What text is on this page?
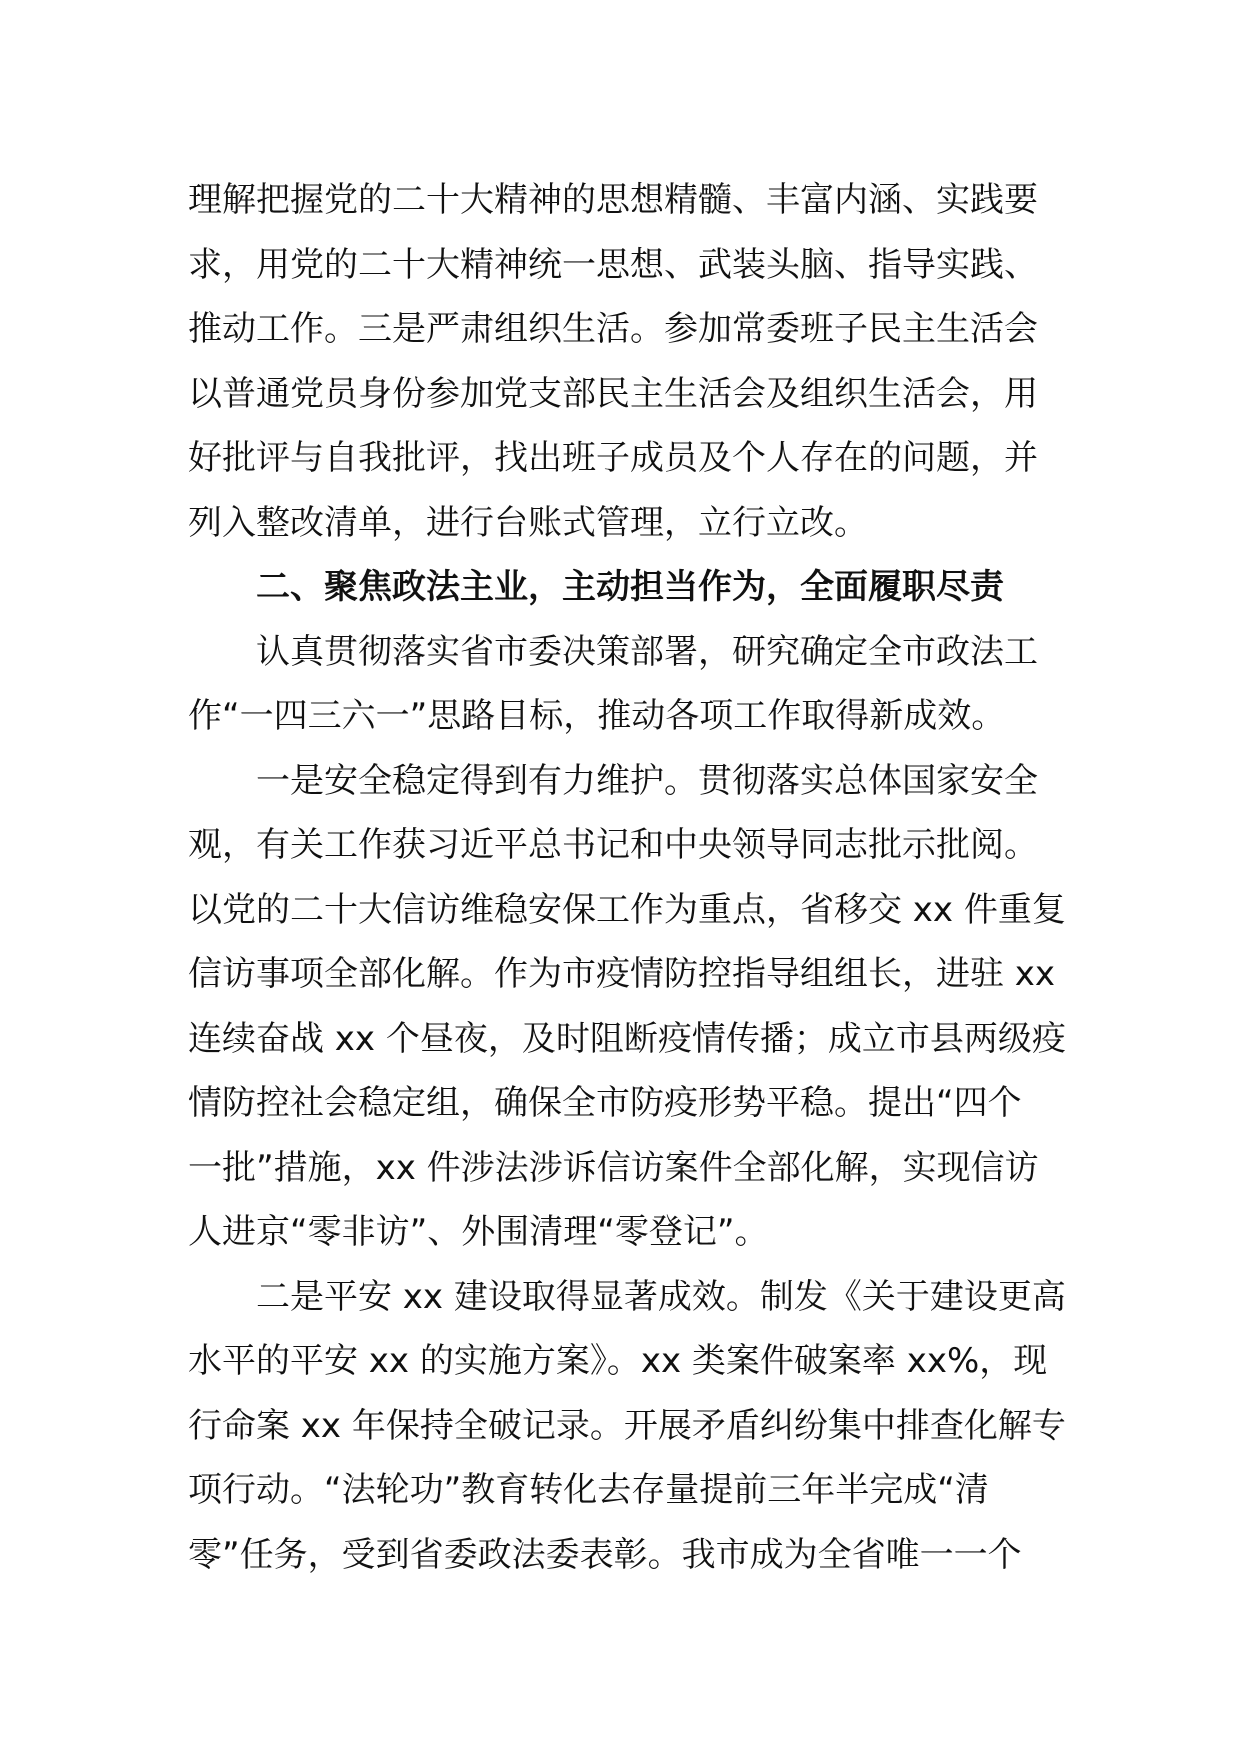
理解把握党的二十大精神的思想精髓、丰富内涵、实践要
求，用党的二十大精神统一思想、武装头脑、指导实践、
推动工作。三是严肃组织生活。参加常委班子民主生活会
以普通党员身份参加党支部民主生活会及组织生活会，用
好批评与自我批评，找出班子成员及个人存在的问题，并
列入整改清单，进行台账式管理，立行立改。
二、聚焦政法主业，主动担当作为，全面履职尽责
认真贯彻落实省市委决策部署，研究确定全市政法工
作“一四三六一”思路目标，推动各项工作取得新成效。
一是安全稳定得到有力维护。贯彻落实总体国家安全
观，有关工作获习近平总书记和中央领导同志批示批阅。
以党的二十大信访维稳安保工作为重点，省移交 xx 件重复
信访事项全部化解。作为市疫情防控指导组组长，进驻 xx
连续奋战 xx 个昼夜，及时阻断疫情传播；成立市县两级疫
情防控社会稳定组，确保全市防疫形势平稳。提出“四个
一批”措施，xx 件涉法涉诉信访案件全部化解，实现信访
人进京“零非访”、外围清理“零登记”。
二是平安 xx 建设取得显著成效。制发《关于建设更高
水平的平安 xx 的实施方案》。xx 类案件破案率 xx%，现
行命案 xx 年保持全破记录。开展矛盾纠纷集中排查化解专
项行动。“法轮功”教育转化去存量提前三年半完成“清
零”任务，受到省委政法委表彰。我市成为全省唯一一个
